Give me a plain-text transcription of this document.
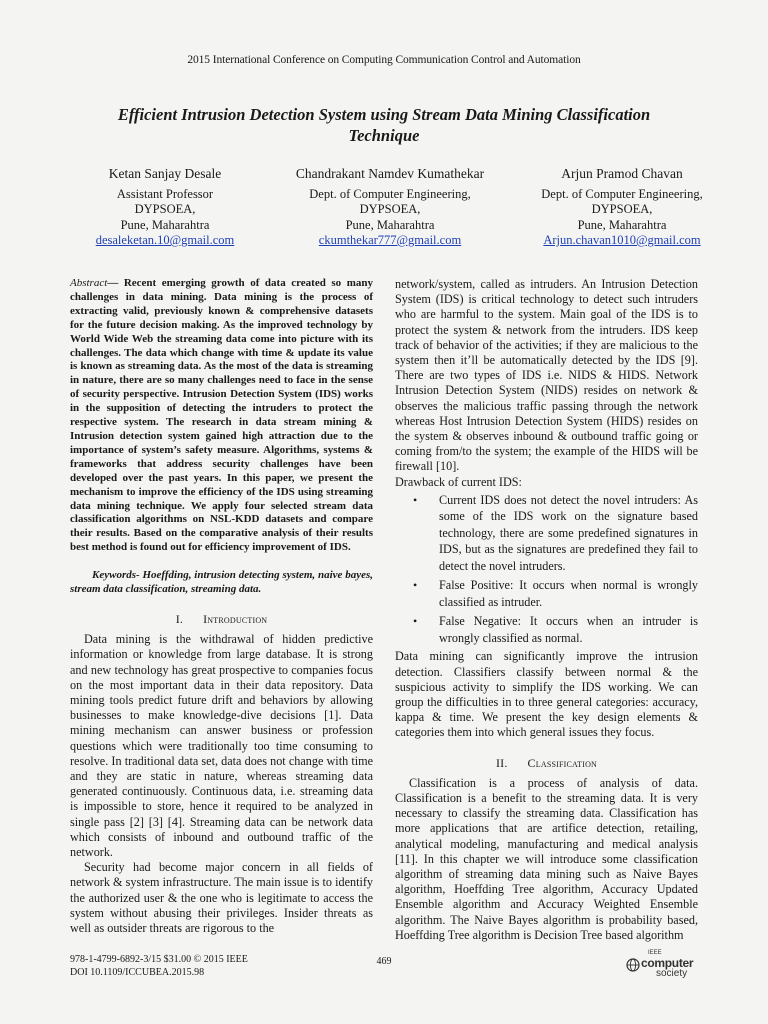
2015 International Conference on Computing Communication Control and Automation
Efficient Intrusion Detection System using Stream Data Mining Classification Technique
Ketan Sanjay Desale
Assistant Professor
DYPSOEA,
Pune, Maharahtra
desaleketan.10@gmail.com
Chandrakant Namdev Kumathekar
Dept. of Computer Engineering,
DYPSOEA,
Pune, Maharahtra
ckumthekar777@gmail.com
Arjun Pramod Chavan
Dept. of Computer Engineering,
DYPSOEA,
Pune, Maharahtra
Arjun.chavan1010@gmail.com

Abstract— Recent emerging growth of data created so many challenges in data mining. Data mining is the process of extracting valid, previously known & comprehensive datasets for the future decision making. As the improved technology by World Wide Web the streaming data come into picture with its challenges. The data which change with time & update its value is known as streaming data. As the most of the data is streaming in nature, there are so many challenges need to face in the sense of security perspective. Intrusion Detection System (IDS) works in the supposition of detecting the intruders to protect the respective system. The research in data stream mining & Intrusion detection system gained high attraction due to the importance of system’s safety measure. Algorithms, systems & frameworks that address security challenges have been developed over the past years. In this paper, we present the mechanism to improve the efficiency of the IDS using streaming data mining technique. We apply four selected stream data classification algorithms on NSL-KDD datasets and compare their results. Based on the comparative analysis of their results best method is found out for efficiency improvement of IDS.

Keywords- Hoeffding, intrusion detecting system, naive bayes, stream data classification, streaming data.

I. Introduction

Data mining is the withdrawal of hidden predictive information or knowledge from large database. It is strong and new technology has great prospective to companies focus on the most important data in their data repository. Data mining tools predict future drift and behaviors by allowing businesses to make knowledge-dive decisions [1]. Data mining mechanism can answer business or profession questions which were traditionally too time consuming to resolve. In traditional data set, data does not change with time and they are static in nature, whereas streaming data generated continuously. Continuous data, i.e. streaming data is impossible to store, hence it required to be analyzed in single pass [2] [3] [4]. Streaming data can be network data which consists of inbound and outbound traffic of the network.

Security had become major concern in all fields of network & system infrastructure. The main issue is to identify the authorized user & the one who is legitimate to access the system without abusing their privileges. Insider threats as well as outsider threats are rigorous to the

network/system, called as intruders. An Intrusion Detection System (IDS) is critical technology to detect such intruders who are harmful to the system. Main goal of the IDS is to protect the system & network from the intruders. IDS keep track of behavior of the activities; if they are malicious to the system then it’ll be automatically detected by the IDS [9]. There are two types of IDS i.e. NIDS & HIDS. Network Intrusion Detection System (NIDS) resides on network & observes the malicious traffic passing through the network whereas Host Intrusion Detection System (HIDS) resides on the system & observes inbound & outbound traffic going or coming from/to the system; the example of the HIDS will be firewall [10].

Drawback of current IDS:

• Current IDS does not detect the novel intruders: As some of the IDS work on the signature based technology, there are some predefined signatures in IDS, but as the signatures are predefined they fail to detect the novel intruders.
• False Positive: It occurs when normal is wrongly classified as intruder.
• False Negative: It occurs when an intruder is wrongly classified as normal.

Data mining can significantly improve the intrusion detection. Classifiers classify between normal & the suspicious activity to simplify the IDS working. We can group the difficulties in to three general categories: accuracy, kappa & time. We present the key design elements & categories them into which general issues they focus.

II. Classification

Classification is a process of analysis of data. Classification is a benefit to the streaming data. It is very necessary to classify the streaming data. Classification has more applications that are artifice detection, retailing, analytical modeling, manufacturing and medical analysis [11]. In this chapter we will introduce some classification algorithm of streaming data mining such as Naive Bayes algorithm, Hoeffding Tree algorithm, Accuracy Updated Ensemble algorithm and Accuracy Weighted Ensemble algorithm. The Naive Bayes algorithm is probability based, Hoeffding Tree algorithm is Decision Tree based algorithm

978-1-4799-6892-3/15 $31.00 © 2015 IEEE
DOI 10.1109/ICCUBEA.2015.98
469
IEEE
computer
society
